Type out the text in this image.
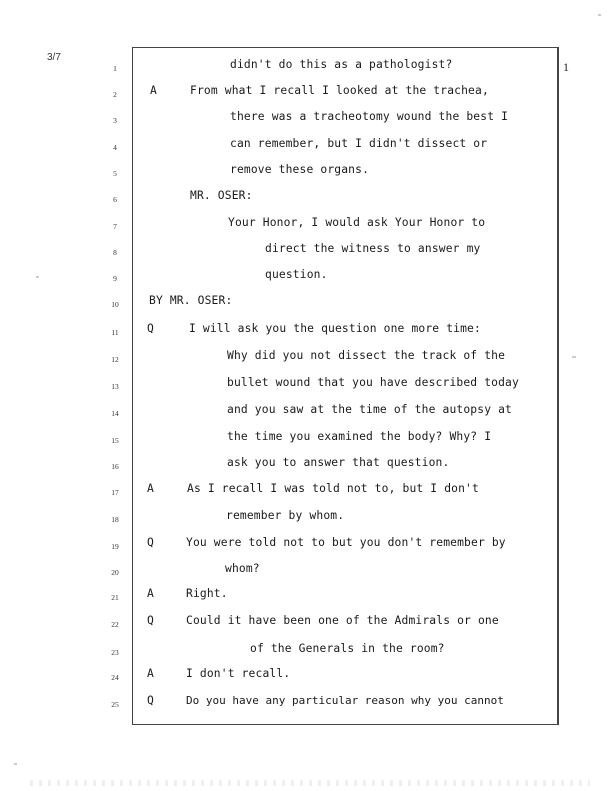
3/7
1
1	didn't do this as a pathologist?
2	A	From what I recall I looked at the trachea,
3	there was a tracheotomy wound the best I
4	can remember, but I didn't dissect or
5	remove these organs.
6	MR. OSER:
7	Your Honor, I would ask Your Honor to
8	direct the witness to answer my
9	question.
10	BY MR. OSER:
11	Q	I will ask you the question one more time:
12	Why did you not dissect the track of the
13	bullet wound that you have described today
14	and you saw at the time of the autopsy at
15	the time you examined the body? Why? I
16	ask you to answer that question.
17	A	As I recall I was told not to, but I don't
18	remember by whom.
19	Q	You were told not to but you don't remember by
20	whom?
21	A	Right.
22	Q	Could it have been one of the Admirals or one
23	of the Generals in the room?
24	A	I don't recall.
25	Q	Do you have any particular reason why you cannot
